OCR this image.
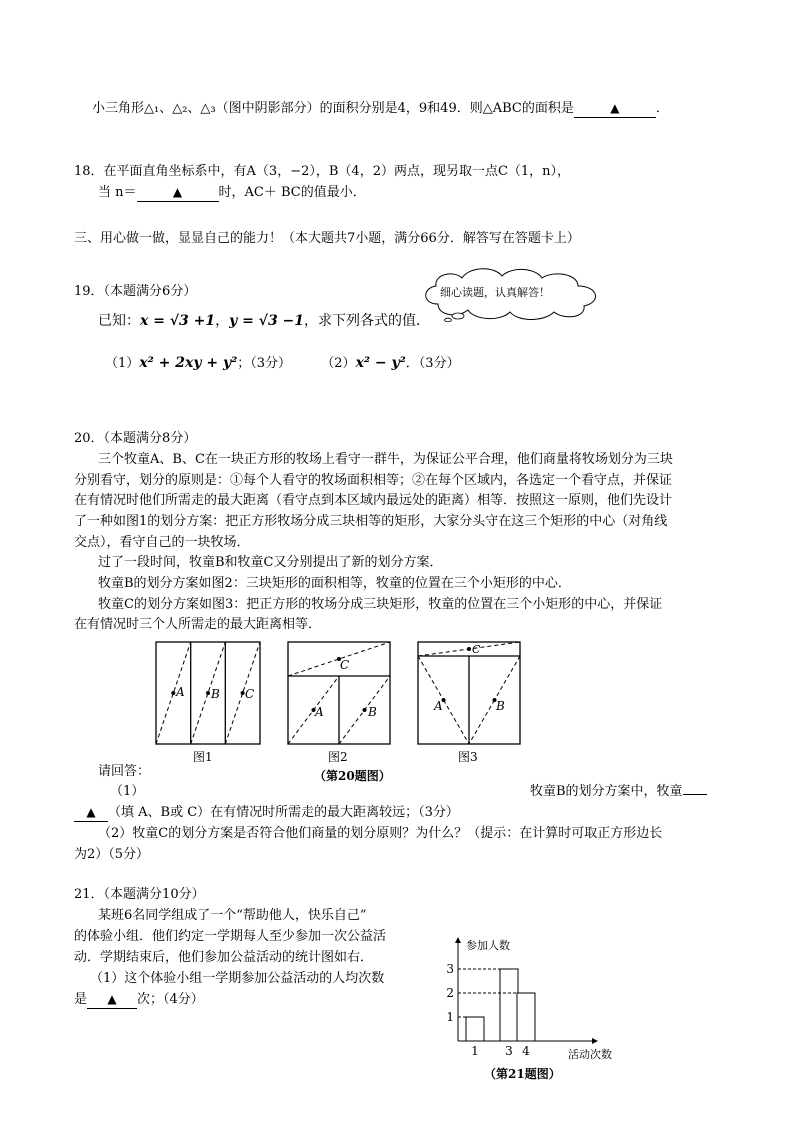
小三角形△₁、△₂、△₃（图中阴影部分）的面积分别是4，9和49．则△ABC的面积是	▲	．
18．在平面直角坐标系中，有A（3，−2），B（4，2）两点，现另取一点C（1，n），
当 n＝	▲	时，AC＋ BC的值最小．
三、用心做一做，显显自己的能力！（本大题共7小题，满分66分．解答写在答题卡上）
19．（本题满分6分）	细心读题，认真解答！
已知：x = √3 +1，y = √3 −1，求下列各式的值．
（1）x² + 2xy + y²；（3分） （2）x² − y²．（3分）
20．（本题满分8分）
三个牧童A、B、C在一块正方形的牧场上看守一群牛，为保证公平合理，他们商量将牧场划分为三块
分别看守，划分的原则是：①每个人看守的牧场面积相等；②在每个区域内，各选定一个看守点，并保证
在有情况时他们所需走的最大距离（看守点到本区域内最远处的距离）相等．按照这一原则，他们先设计
了一种如图1的划分方案：把正方形牧场分成三块相等的矩形，大家分头守在这三个矩形的中心（对角线
交点），看守自己的一块牧场．
过了一段时间，牧童B和牧童C又分别提出了新的划分方案．
牧童B的划分方案如图2：三块矩形的面积相等，牧童的位置在三个小矩形的中心．
牧童C的划分方案如图3：把正方形的牧场分成三块矩形，牧童的位置在三个小矩形的中心，并保证
在有情况时三个人所需走的最大距离相等．
A B C
C
A	B
C
A	B
图1	图2	图3
（第20题图）
请回答：
（1）	牧童B的划分方案中，牧童
▲ （填 A、B或 C）在有情况时所需走的最大距离较远；（3分）
（2）牧童C的划分方案是否符合他们商量的划分原则？为什么？（提示：在计算时可取正方形边长
为2）（5分）
21．（本题满分10分）
某班6名同学组成了一个“帮助他人，快乐自己”
的体验小组．他们约定一学期每人至少参加一次公益活
动．学期结束后，他们参加公益活动的统计图如右．
（1）这个体验小组一学期参加公益活动的人均次数
是 ▲ 次；（4分）
参加人数
活动次数
1 3 4
1
2
3
（第21题图）
